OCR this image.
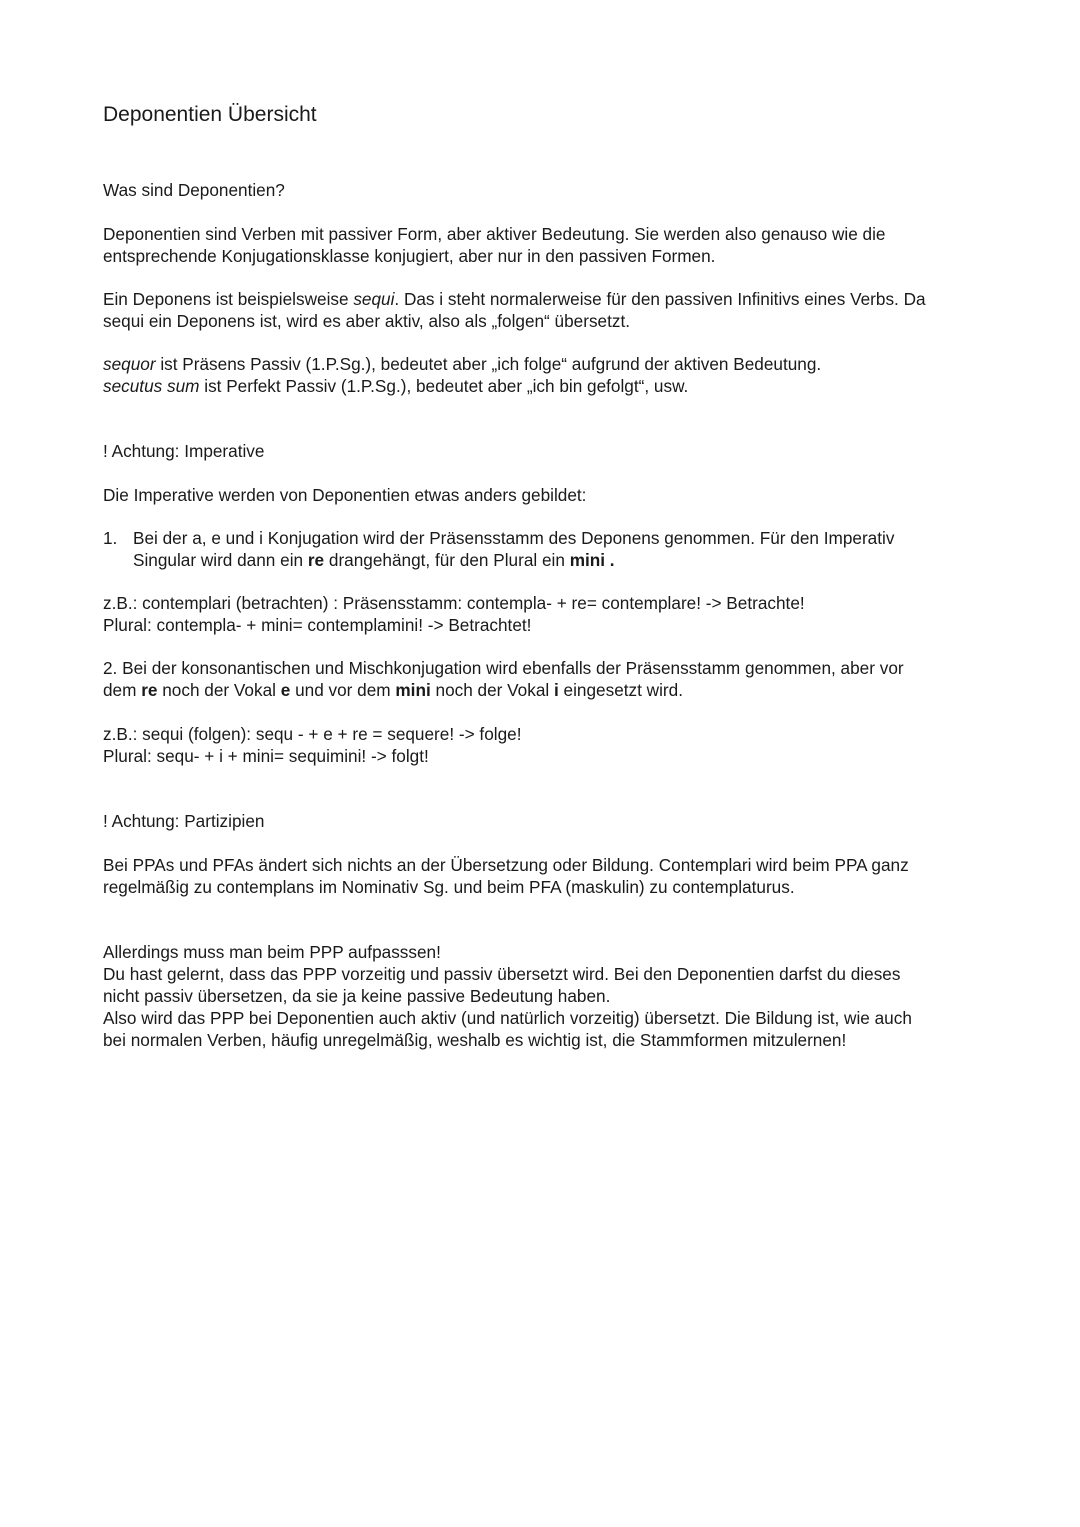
Deponentien Übersicht
Was sind Deponentien?
Deponentien sind Verben mit passiver Form, aber aktiver Bedeutung. Sie werden also genauso wie die
entsprechende Konjugationsklasse konjugiert, aber nur in den passiven Formen.
Ein Deponens ist beispielsweise sequi. Das i steht normalerweise für den passiven Infinitivs eines Verbs. Da
sequi ein Deponens ist, wird es aber aktiv, also als „folgen“ übersetzt.
sequor ist Präsens Passiv (1.P.Sg.), bedeutet aber „ich folge“ aufgrund der aktiven Bedeutung.
secutus sum ist Perfekt Passiv (1.P.Sg.), bedeutet aber „ich bin gefolgt“, usw.
! Achtung: Imperative
Die Imperative werden von Deponentien etwas anders gebildet:
1. Bei der a, e und i Konjugation wird der Präsensstamm des Deponens genommen. Für den Imperativ
Singular wird dann ein re drangehängt, für den Plural ein mini .
z.B.: contemplari (betrachten) : Präsensstamm: contempla- + re= contemplare! -> Betrachte!
Plural: contempla- + mini= contemplamini! -> Betrachtet!
2. Bei der konsonantischen und Mischkonjugation wird ebenfalls der Präsensstamm genommen, aber vor
dem re noch der Vokal e und vor dem mini noch der Vokal i eingesetzt wird.
z.B.: sequi (folgen): sequ - + e + re = sequere! -> folge!
Plural: sequ- + i + mini= sequimini! -> folgt!
! Achtung: Partizipien
Bei PPAs und PFAs ändert sich nichts an der Übersetzung oder Bildung. Contemplari wird beim PPA ganz
regelmäßig zu contemplans im Nominativ Sg. und beim PFA (maskulin) zu contemplaturus.
Allerdings muss man beim PPP aufpasssen!
Du hast gelernt, dass das PPP vorzeitig und passiv übersetzt wird. Bei den Deponentien darfst du dieses
nicht passiv übersetzen, da sie ja keine passive Bedeutung haben.
Also wird das PPP bei Deponentien auch aktiv (und natürlich vorzeitig) übersetzt. Die Bildung ist, wie auch
bei normalen Verben, häufig unregelmäßig, weshalb es wichtig ist, die Stammformen mitzulernen!
